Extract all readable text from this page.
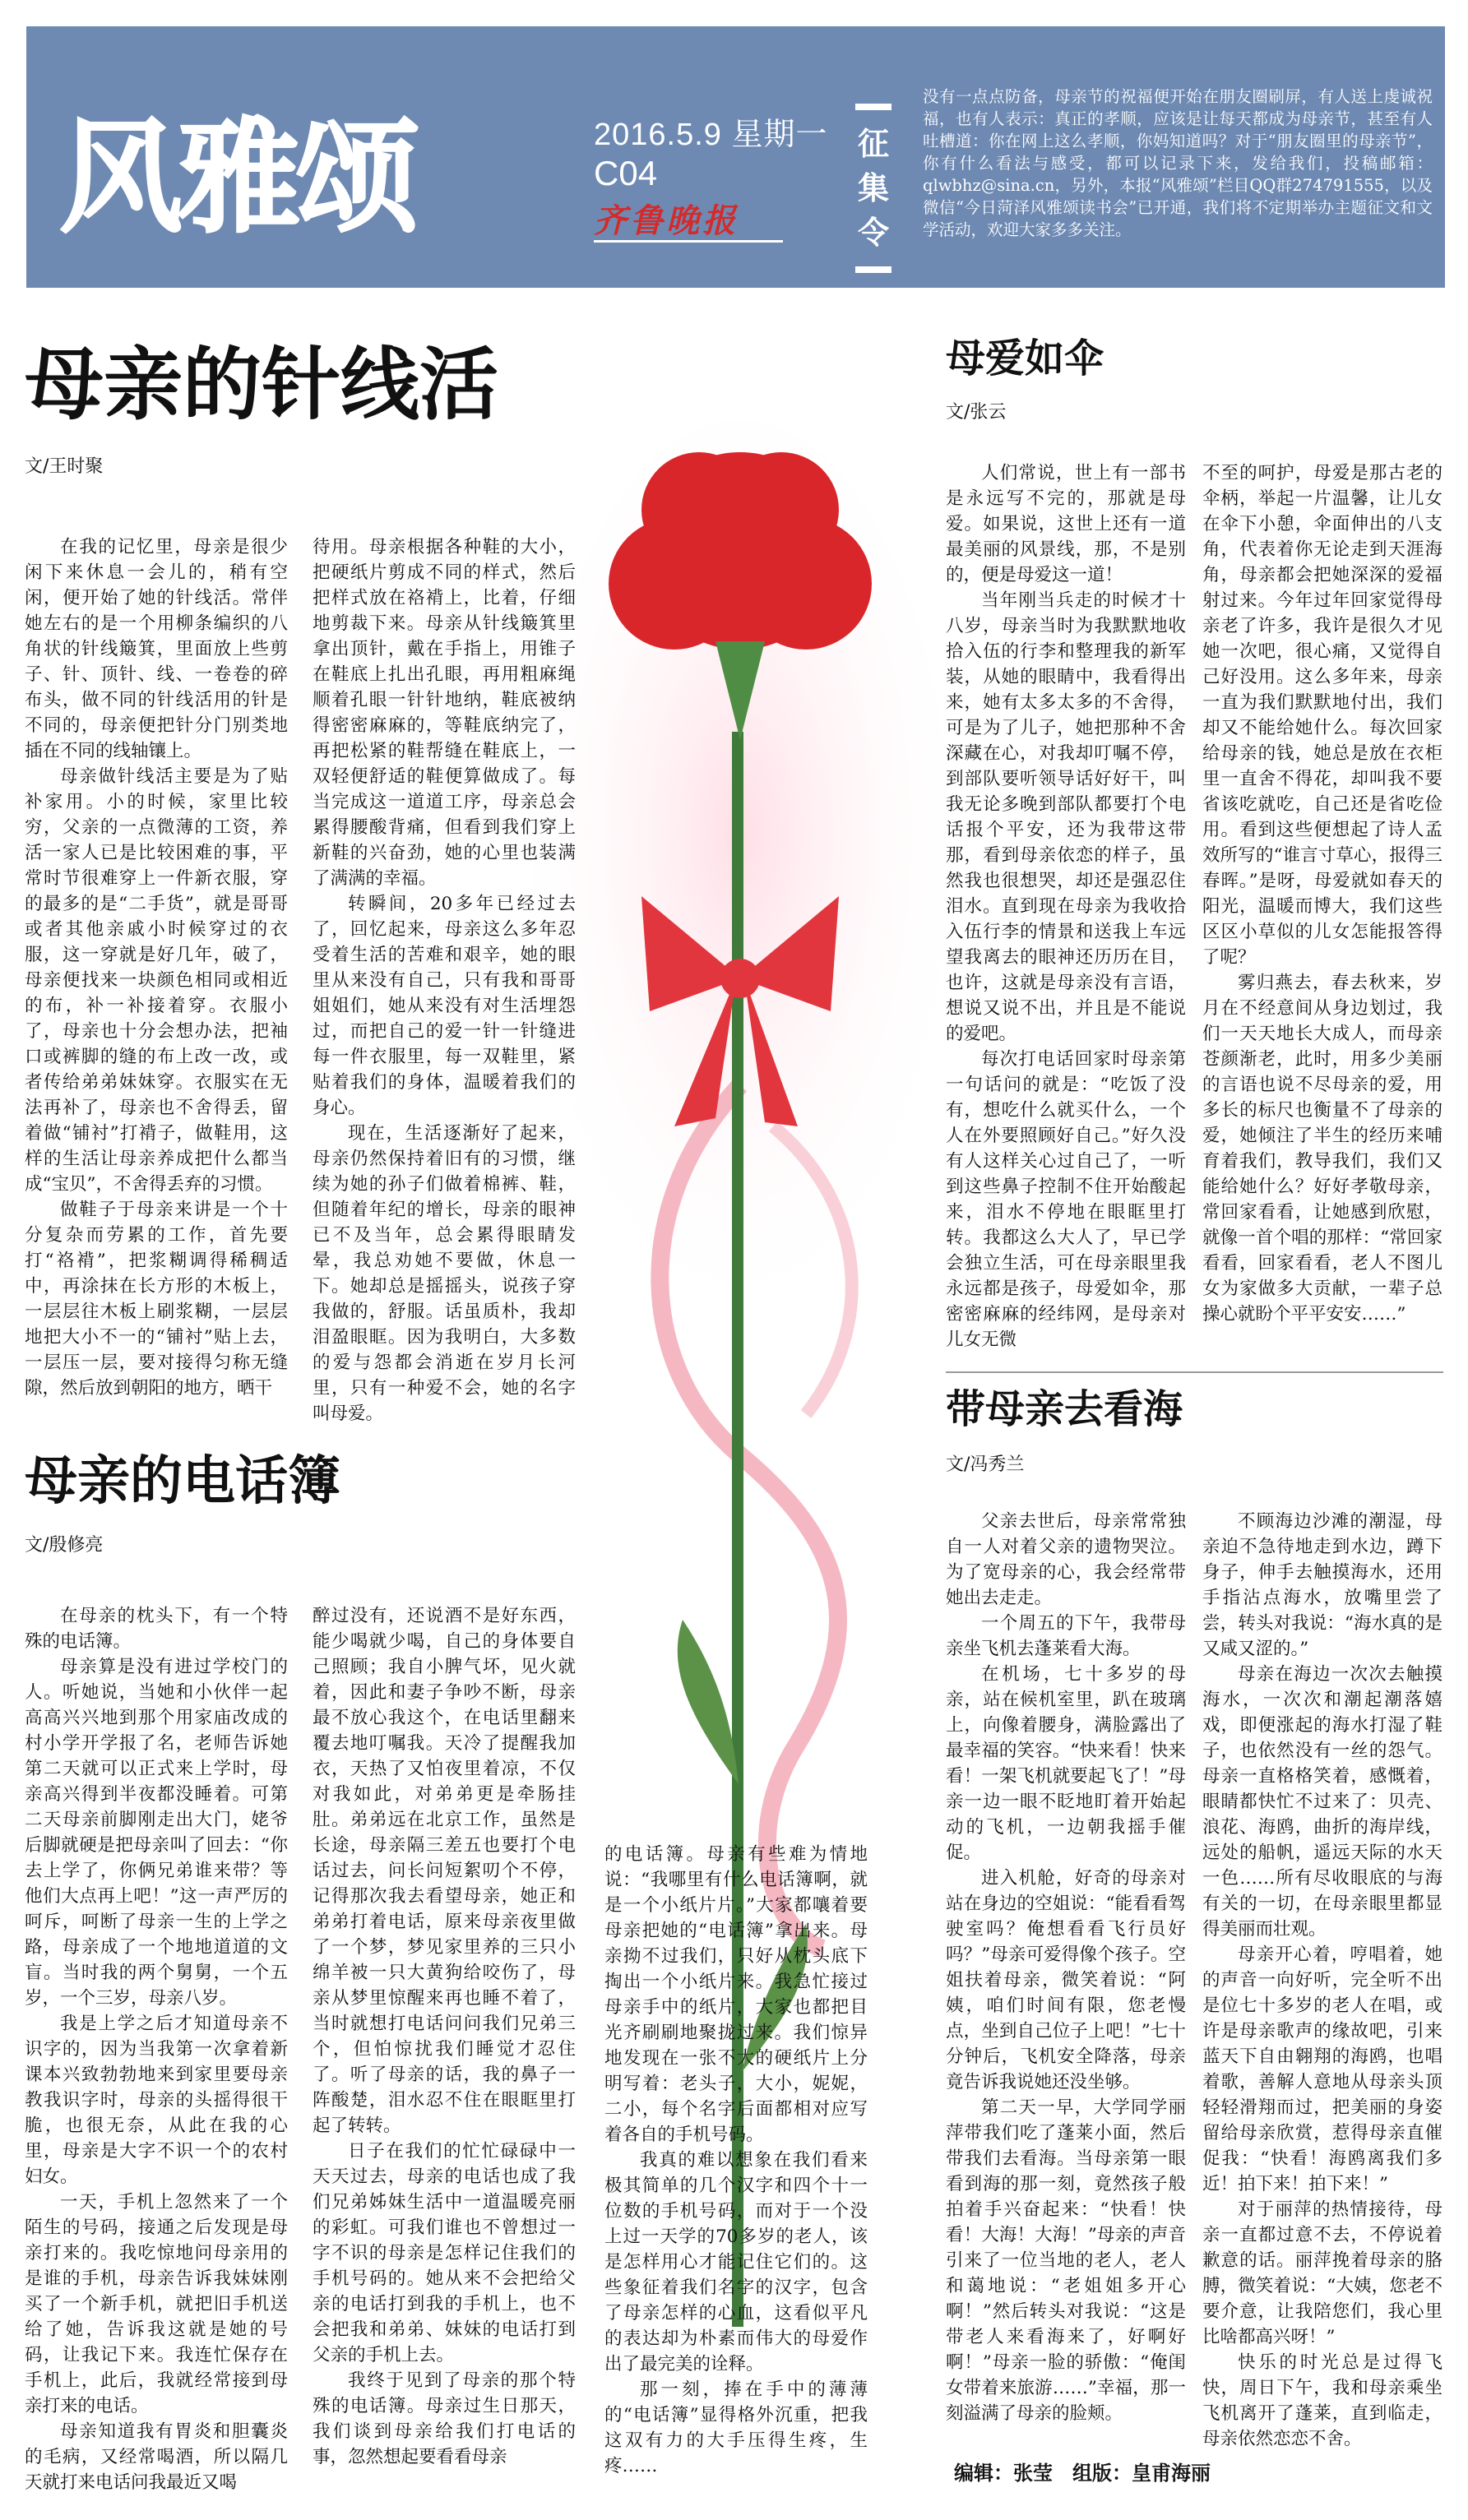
风雅颂	2016.5.9 星期一
C04
齐鲁晚报
征集令
没有一点点防备，母亲节的祝福便开始在朋友圈刷屏，有人送上虔诚祝福，也有人表示：真正的孝顺，应该是让每天都成为母亲节，甚至有人吐槽道：你在网上这么孝顺，你妈知道吗？对于“朋友圈里的母亲节”，你有什么看法与感受，都可以记录下来，发给我们，投稿邮箱：qlwbhz@sina.cn，另外，本报“风雅颂”栏目QQ群274791555，以及微信“今日菏泽风雅颂读书会”已开通，我们将不定期举办主题征文和文学活动，欢迎大家多多关注。
母亲的针线活
文/王时聚

在我的记忆里，母亲是很少闲下来休息一会儿的，稍有空闲，便开始了她的针线活。常伴她左右的是一个用柳条编织的八角状的针线簸箕，里面放上些剪子、针、顶针、线、一卷卷的碎布头，做不同的针线活用的针是不同的，母亲便把针分门别类地插在不同的线轴镶上。

母亲做针线活主要是为了贴补家用。小的时候，家里比较穷，父亲的一点微薄的工资，养活一家人已是比较困难的事，平常时节很难穿上一件新衣服，穿的最多的是“二手货”，就是哥哥或者其他亲戚小时候穿过的衣服，这一穿就是好几年，破了，母亲便找来一块颜色相同或相近的布，补一补接着穿。衣服小了，母亲也十分会想办法，把袖口或裤脚的缝的布上改一改，或者传给弟弟妹妹穿。衣服实在无法再补了，母亲也不舍得丢，留着做“铺衬”打褙子，做鞋用，这样的生活让母亲养成把什么都当成“宝贝”，不舍得丢弃的习惯。

做鞋子于母亲来讲是一个十分复杂而劳累的工作，首先要打“袼褙”，把浆糊调得稀稠适中，再涂抹在长方形的木板上，一层层往木板上刷浆糊，一层层地把大小不一的“铺衬”贴上去，一层压一层，要对接得匀称无缝隙，然后放到朝阳的地方，晒干

待用。母亲根据各种鞋的大小，把硬纸片剪成不同的样式，然后把样式放在袼褙上，比着，仔细地剪裁下来。母亲从针线簸箕里拿出顶针，戴在手指上，用锥子在鞋底上扎出孔眼，再用粗麻绳顺着孔眼一针针地纳，鞋底被纳得密密麻麻的，等鞋底纳完了，再把松紧的鞋帮缝在鞋底上，一双轻便舒适的鞋便算做成了。每当完成这一道道工序，母亲总会累得腰酸背痛，但看到我们穿上新鞋的兴奋劲，她的心里也装满了满满的幸福。

转瞬间，20多年已经过去了，回忆起来，母亲这么多年忍受着生活的苦难和艰辛，她的眼里从来没有自己，只有我和哥哥姐姐们，她从来没有对生活埋怨过，而把自己的爱一针一针缝进每一件衣服里，每一双鞋里，紧贴着我们的身体，温暖着我们的身心。

现在，生活逐渐好了起来，母亲仍然保持着旧有的习惯，继续为她的孙子们做着棉裤、鞋，但随着年纪的增长，母亲的眼神已不及当年，总会累得眼睛发晕，我总劝她不要做，休息一下。她却总是摇摇头，说孩子穿我做的，舒服。话虽质朴，我却泪盈眼眶。因为我明白，大多数的爱与怨都会消逝在岁月长河里，只有一种爱不会，她的名字叫母爱。

母亲的电话簿
文/殷修亮

在母亲的枕头下，有一个特殊的电话簿。

母亲算是没有进过学校门的人。听她说，当她和小伙伴一起高高兴兴地到那个用家庙改成的村小学开学报了名，老师告诉她第二天就可以正式来上学时，母亲高兴得到半夜都没睡着。可第二天母亲前脚刚走出大门，姥爷后脚就硬是把母亲叫了回去：“你去上学了，你俩兄弟谁来带？等他们大点再上吧！”这一声严厉的呵斥，呵断了母亲一生的上学之路，母亲成了一个地地道道的文盲。当时我的两个舅舅，一个五岁，一个三岁，母亲八岁。

我是上学之后才知道母亲不识字的，因为当我第一次拿着新课本兴致勃勃地来到家里要母亲教我识字时，母亲的头摇得很干脆，也很无奈，从此在我的心里，母亲是大字不识一个的农村妇女。

一天，手机上忽然来了一个陌生的号码，接通之后发现是母亲打来的。我吃惊地问母亲用的是谁的手机，母亲告诉我妹妹刚买了一个新手机，就把旧手机送给了她，告诉我这就是她的号码，让我记下来。我连忙保存在手机上，此后，我就经常接到母亲打来的电话。

母亲知道我有胃炎和胆囊炎的毛病，又经常喝酒，所以隔几天就打来电话问我最近又喝

醉过没有，还说酒不是好东西，能少喝就少喝，自己的身体要自己照顾；我自小脾气坏，见火就着，因此和妻子争吵不断，母亲最不放心我这个，在电话里翻来覆去地叮嘱我。天冷了提醒我加衣，天热了又怕夜里着凉，不仅对我如此，对弟弟更是牵肠挂肚。弟弟远在北京工作，虽然是长途，母亲隔三差五也要打个电话过去，问长问短絮叨个不停，记得那次我去看望母亲，她正和弟弟打着电话，原来母亲夜里做了一个梦，梦见家里养的三只小绵羊被一只大黄狗给咬伤了，母亲从梦里惊醒来再也睡不着了，当时就想打电话问问我们兄弟三个，但怕惊扰我们睡觉才忍住了。听了母亲的话，我的鼻子一阵酸楚，泪水忍不住在眼眶里打起了转转。

日子在我们的忙忙碌碌中一天天过去，母亲的电话也成了我们兄弟姊妹生活中一道温暖亮丽的彩虹。可我们谁也不曾想过一字不识的母亲是怎样记住我们的手机号码的。她从来不会把给父亲的电话打到我的手机上，也不会把我和弟弟、妹妹的电话打到父亲的手机上去。

我终于见到了母亲的那个特殊的电话簿。母亲过生日那天，我们谈到母亲给我们打电话的事，忽然想起要看看母亲

的电话簿。母亲有些难为情地说：“我哪里有什么电话簿啊，就是一个小纸片片。”大家都嚷着要母亲把她的“电话簿”拿出来。母亲拗不过我们，只好从枕头底下掏出一个小纸片来。我急忙接过母亲手中的纸片，大家也都把目光齐刷刷地聚拢过来。我们惊异地发现在一张不大的硬纸片上分明写着：老头子，大小，妮妮，二小，每个名字后面都相对应写着各自的手机号码。

我真的难以想象在我们看来极其简单的几个汉字和四个十一位数的手机号码，而对于一个没上过一天学的70多岁的老人，该是怎样用心才能记住它们的。这些象征着我们名字的汉字，包含了母亲怎样的心血，这看似平凡的表达却为朴素而伟大的母爱作出了最完美的诠释。

那一刻，捧在手中的薄薄的“电话簿”显得格外沉重，把我这双有力的大手压得生疼，生疼……

母爱如伞
文/张云

人们常说，世上有一部书是永远写不完的，那就是母爱。如果说，这世上还有一道最美丽的风景线，那，不是别的，便是母爱这一道！

当年刚当兵走的时候才十八岁，母亲当时为我默默地收拾入伍的行李和整理我的新军装，从她的眼睛中，我看得出来，她有太多太多的不舍得，可是为了儿子，她把那种不舍深藏在心，对我却叮嘱不停，到部队要听领导话好好干，叫我无论多晚到部队都要打个电话报个平安，还为我带这带那，看到母亲依恋的样子，虽然我也很想哭，却还是强忍住泪水。直到现在母亲为我收拾入伍行李的情景和送我上车远望我离去的眼神还历历在目，也许，这就是母亲没有言语，想说又说不出，并且是不能说的爱吧。

每次打电话回家时母亲第一句话问的就是：“吃饭了没有，想吃什么就买什么，一个人在外要照顾好自己。”好久没有人这样关心过自己了，一听到这些鼻子控制不住开始酸起来，泪水不停地在眼眶里打转。我都这么大人了，早已学会独立生活，可在母亲眼里我永远都是孩子，母爱如伞，那密密麻麻的经纬网，是母亲对儿女无微

不至的呵护，母爱是那古老的伞柄，举起一片温馨，让儿女在伞下小憩，伞面伸出的八支角，代表着你无论走到天涯海角，母亲都会把她深深的爱福射过来。今年过年回家觉得母亲老了许多，我许是很久才见她一次吧，很心痛，又觉得自己好没用。这么多年来，母亲一直为我们默默地付出，我们却又不能给她什么。每次回家给母亲的钱，她总是放在衣柜里一直舍不得花，却叫我不要省该吃就吃，自己还是省吃俭用。看到这些便想起了诗人孟效所写的“谁言寸草心，报得三春晖。”是呀，母爱就如春天的阳光，温暖而博大，我们这些区区小草似的儿女怎能报答得了呢？

雾归燕去，春去秋来，岁月在不经意间从身边划过，我们一天天地长大成人，而母亲苍颜渐老，此时，用多少美丽的言语也说不尽母亲的爱，用多长的标尺也衡量不了母亲的爱，她倾注了半生的经历来哺育着我们，教导我们，我们又能给她什么？好好孝敬母亲，常回家看看，让她感到欣慰，就像一首个唱的那样：“常回家看看，回家看看，老人不图儿女为家做多大贡献，一辈子总操心就盼个平平安安……”

带母亲去看海
文/冯秀兰

父亲去世后，母亲常常独自一人对着父亲的遗物哭泣。为了宽母亲的心，我会经常带她出去走走。

一个周五的下午，我带母亲坐飞机去蓬莱看大海。

在机场，七十多岁的母亲，站在候机室里，趴在玻璃上，向像着腰身，满脸露出了最幸福的笑容。“快来看！快来看！一架飞机就要起飞了！”母亲一边一眼不眨地盯着开始起动的飞机，一边朝我摇手催促。

进入机舱，好奇的母亲对站在身边的空姐说：“能看看驾驶室吗？俺想看看飞行员好吗？”母亲可爱得像个孩子。空姐扶着母亲，微笑着说：“阿姨，咱们时间有限，您老慢点，坐到自己位子上吧！”七十分钟后，飞机安全降落，母亲竟告诉我说她还没坐够。

第二天一早，大学同学丽萍带我们吃了蓬莱小面，然后带我们去看海。当母亲第一眼看到海的那一刻，竟然孩子般拍着手兴奋起来：“快看！快看！大海！大海！”母亲的声音引来了一位当地的老人，老人和蔼地说：“老姐姐多开心啊！”然后转头对我说：“这是带老人来看海来了，好啊好啊！”母亲一脸的骄傲：“俺闺女带着来旅游……”幸福，那一刻溢满了母亲的脸颊。

不顾海边沙滩的潮湿，母亲迫不急待地走到水边，蹲下身子，伸手去触摸海水，还用手指沾点海水，放嘴里尝了尝，转头对我说：“海水真的是又咸又涩的。”

母亲在海边一次次去触摸海水，一次次和潮起潮落嬉戏，即便涨起的海水打湿了鞋子，也依然没有一丝的怨气。母亲一直格格笑着，感慨着，眼睛都快忙不过来了：贝壳、浪花、海鸥，曲折的海岸线，远处的船帆，遥远天际的水天一色……所有尽收眼底的与海有关的一切，在母亲眼里都显得美丽而壮观。

母亲开心着，哼唱着，她的声音一向好听，完全听不出是位七十多岁的老人在唱，或许是母亲歌声的缘故吧，引来蓝天下自由翱翔的海鸥，也唱着歌，善解人意地从母亲头顶轻轻滑翔而过，把美丽的身姿留给母亲欣赏，惹得母亲直催促我：“快看！海鸥离我们多近！拍下来！拍下来！”

对于丽萍的热情接待，母亲一直都过意不去，不停说着歉意的话。丽萍挽着母亲的胳膊，微笑着说：“大姨，您老不要介意，让我陪您们，我心里比啥都高兴呀！”

快乐的时光总是过得飞快，周日下午，我和母亲乘坐飞机离开了蓬莱，直到临走，母亲依然恋恋不舍。

编辑：张莹　组版：皇甫海丽
